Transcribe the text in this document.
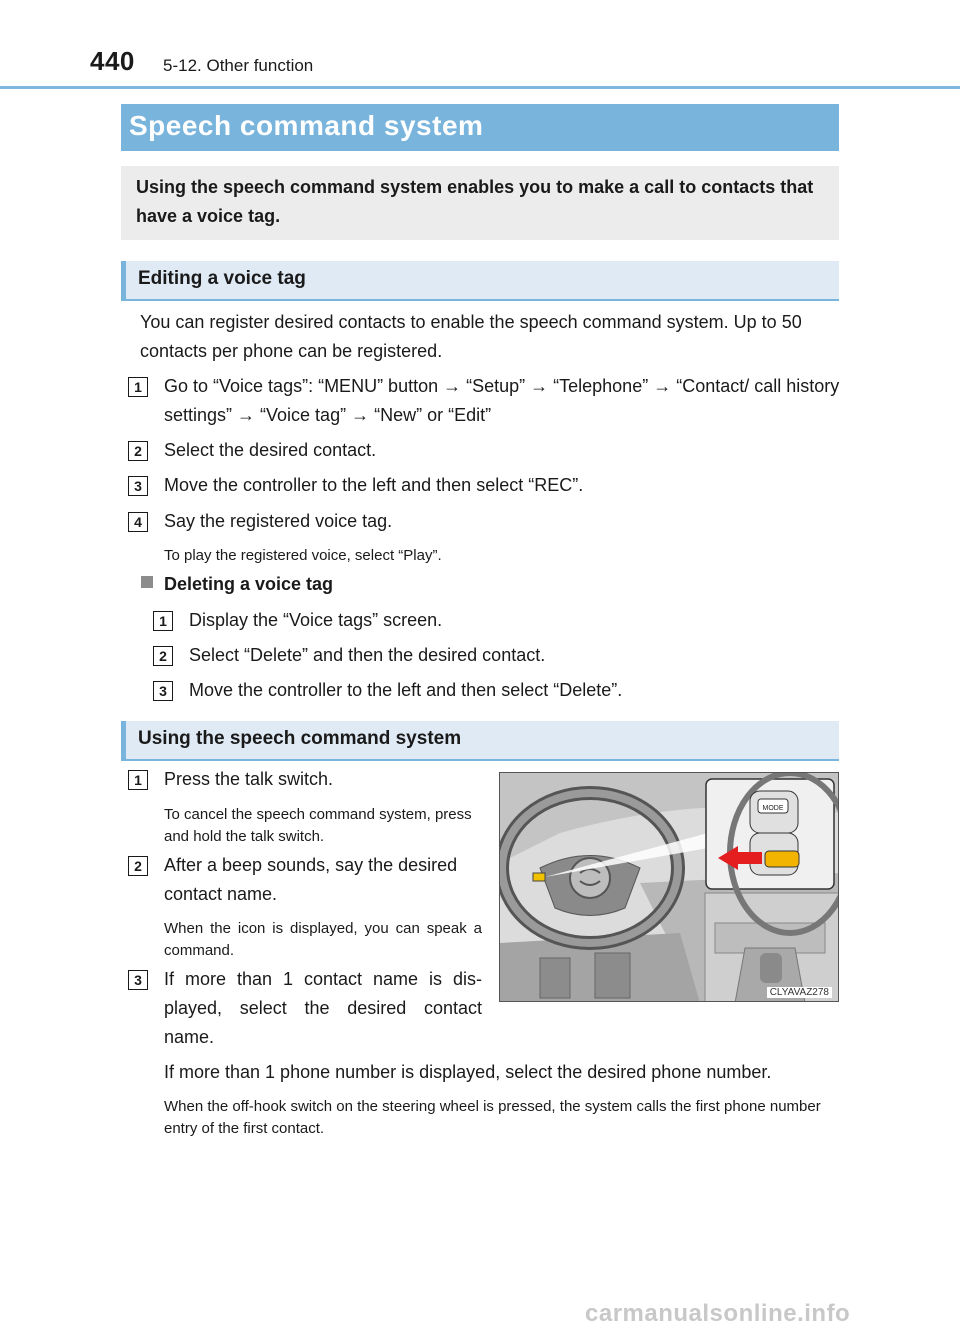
440 5-12. Other function
Speech command system
Using the speech command system enables you to make a call to contacts that have a voice tag.
Editing a voice tag
You can register desired contacts to enable the speech command system. Up to 50 contacts per phone can be registered.
1	Go to “Voice tags”: “MENU” button → “Setup” → “Telephone” → “Contact/ call history settings” → “Voice tag” → “New” or “Edit”
2	Select the desired contact.
3	Move the controller to the left and then select “REC”.
4	Say the registered voice tag.
To play the registered voice, select “Play”.
Deleting a voice tag
1	Display the “Voice tags” screen.
2	Select “Delete” and then the desired contact.
3	Move the controller to the left and then select “Delete”.
Using the speech command system
1	Press the talk switch.
To cancel the speech command system, press and hold the talk switch.
2	After a beep sounds, say the desired contact name.
When the icon is displayed, you can speak a command.
3	If more than 1 contact name is dis- played, select the desired contact name.
If more than 1 phone number is displayed, select the desired phone number.
When the off-hook switch on the steering wheel is pressed, the system calls the first phone number entry of the first contact.
MODE
CLYAVAZ278
carmanualsonline.info
